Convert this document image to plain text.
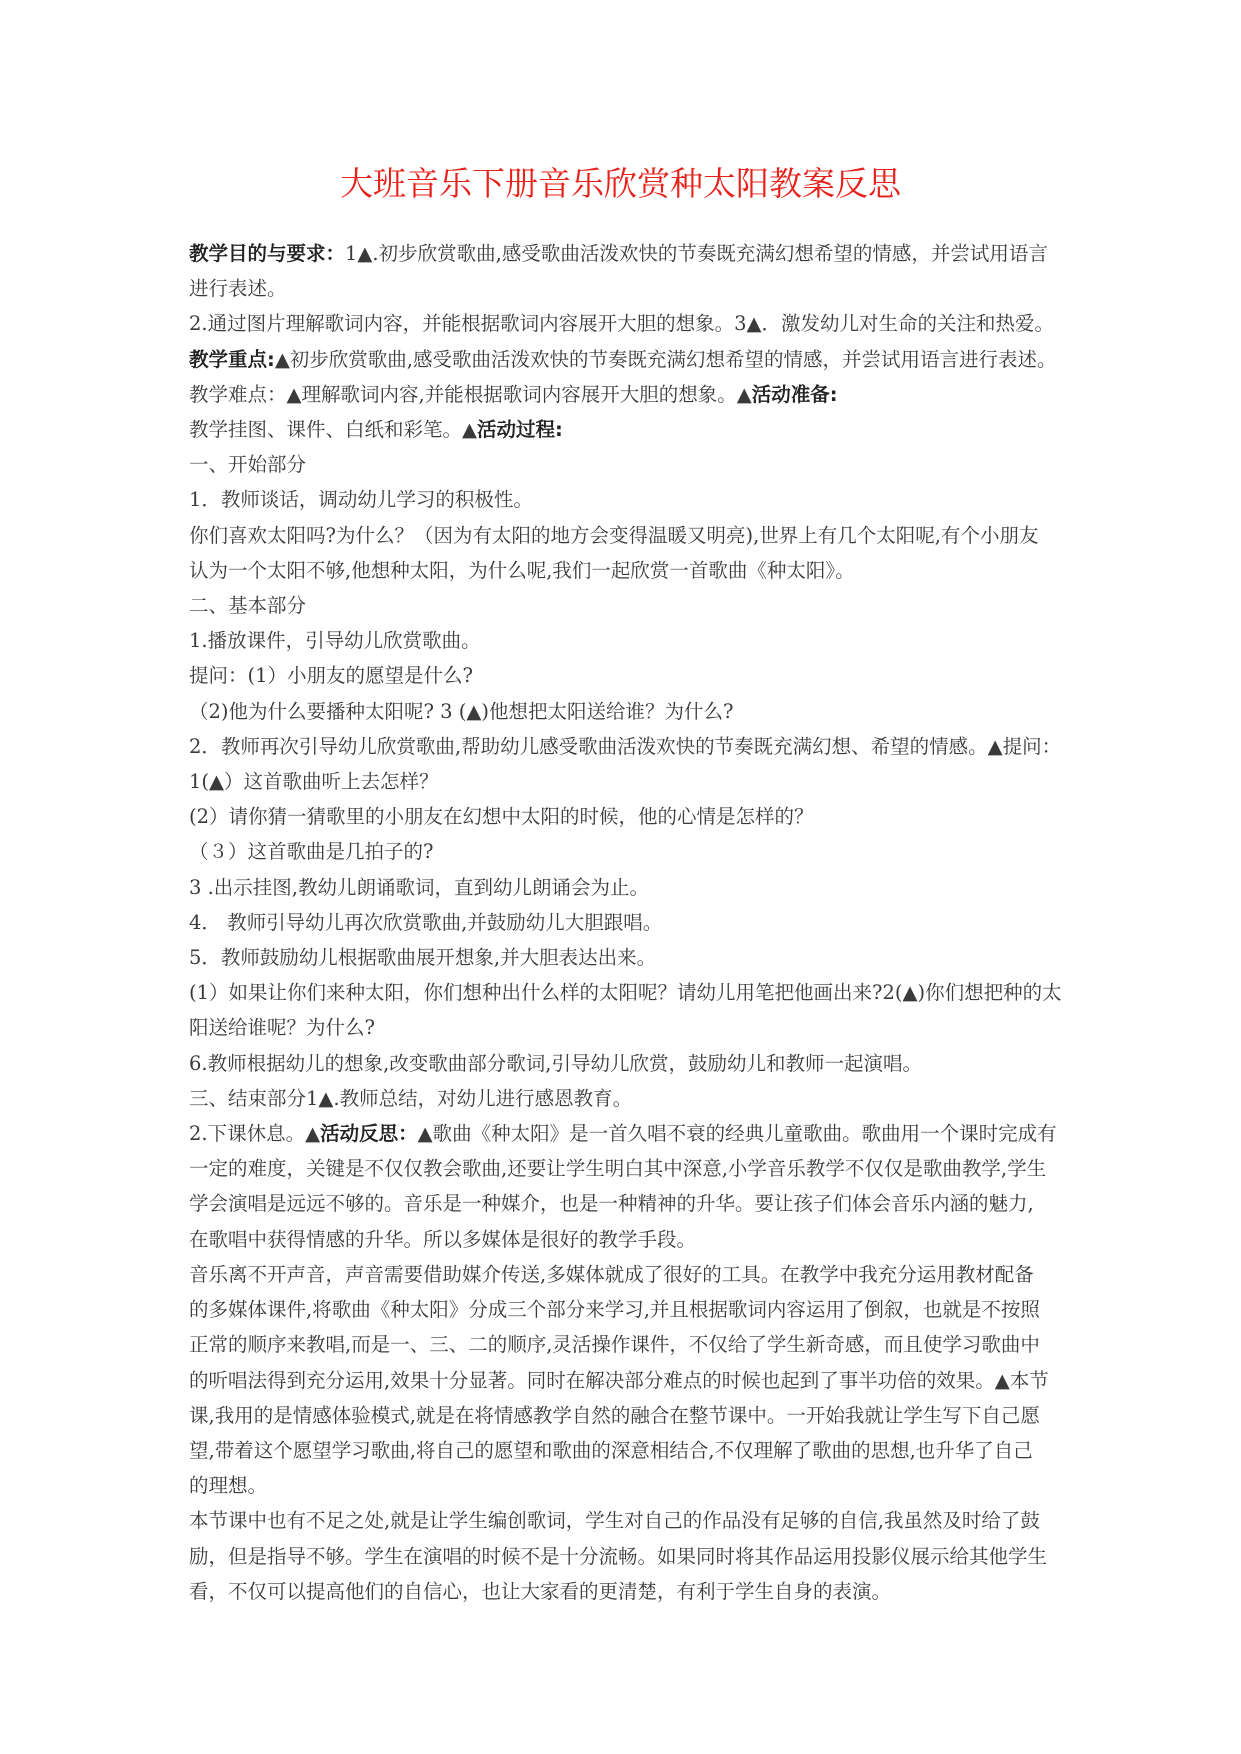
大班音乐下册音乐欣赏种太阳教案反思

教学目的与要求：1▲.初步欣赏歌曲,感受歌曲活泼欢快的节奏既充满幻想希望的情感，并尝试用语言

进行表述。

2.通过图片理解歌词内容，并能根据歌词内容展开大胆的想象。3▲．激发幼儿对生命的关注和热爱。

教学重点:▲初步欣赏歌曲,感受歌曲活泼欢快的节奏既充满幻想希望的情感，并尝试用语言进行表述。

教学难点：▲理解歌词内容,并能根据歌词内容展开大胆的想象。▲活动准备:

教学挂图、课件、白纸和彩笔。▲活动过程:

一、开始部分

1．教师谈话，调动幼儿学习的积极性。

你们喜欢太阳吗?为什么？（因为有太阳的地方会变得温暖又明亮),世界上有几个太阳呢,有个小朋友

认为一个太阳不够,他想种太阳，为什么呢,我们一起欣赏一首歌曲《种太阳》。

二、基本部分

1.播放课件，引导幼儿欣赏歌曲。

提问：(1）小朋友的愿望是什么?

（2)他为什么要播种太阳呢? 3 (▲)他想把太阳送给谁？为什么?

2．教师再次引导幼儿欣赏歌曲,帮助幼儿感受歌曲活泼欢快的节奏既充满幻想、希望的情感。▲提问：

1(▲）这首歌曲听上去怎样？

(2）请你猜一猜歌里的小朋友在幻想中太阳的时候，他的心情是怎样的？

（３）这首歌曲是几拍子的?

3 .出示挂图,教幼儿朗诵歌词，直到幼儿朗诵会为止。

4． 教师引导幼儿再次欣赏歌曲,并鼓励幼儿大胆跟唱。

5．教师鼓励幼儿根据歌曲展开想象,并大胆表达出来。

(1）如果让你们来种太阳，你们想种出什么样的太阳呢？请幼儿用笔把他画出来?2(▲)你们想把种的太

阳送给谁呢？为什么?

6.教师根据幼儿的想象,改变歌曲部分歌词,引导幼儿欣赏，鼓励幼儿和教师一起演唱。

三、结束部分1▲.教师总结，对幼儿进行感恩教育。

2.下课休息。▲活动反思：▲歌曲《种太阳》是一首久唱不衰的经典儿童歌曲。歌曲用一个课时完成有

一定的难度，关键是不仅仅教会歌曲,还要让学生明白其中深意,小学音乐教学不仅仅是歌曲教学,学生

学会演唱是远远不够的。音乐是一种媒介，也是一种精神的升华。要让孩子们体会音乐内涵的魅力,

在歌唱中获得情感的升华。所以多媒体是很好的教学手段。

音乐离不开声音，声音需要借助媒介传送,多媒体就成了很好的工具。在教学中我充分运用教材配备

的多媒体课件,将歌曲《种太阳》分成三个部分来学习,并且根据歌词内容运用了倒叙，也就是不按照

正常的顺序来教唱,而是一、三、二的顺序,灵活操作课件，不仅给了学生新奇感，而且使学习歌曲中

的听唱法得到充分运用,效果十分显著。同时在解决部分难点的时候也起到了事半功倍的效果。▲本节

课,我用的是情感体验模式,就是在将情感教学自然的融合在整节课中。一开始我就让学生写下自己愿

望,带着这个愿望学习歌曲,将自己的愿望和歌曲的深意相结合,不仅理解了歌曲的思想,也升华了自己

的理想。

本节课中也有不足之处,就是让学生编创歌词，学生对自己的作品没有足够的自信,我虽然及时给了鼓

励，但是指导不够。学生在演唱的时候不是十分流畅。如果同时将其作品运用投影仪展示给其他学生

看，不仅可以提高他们的自信心，也让大家看的更清楚，有利于学生自身的表演。
